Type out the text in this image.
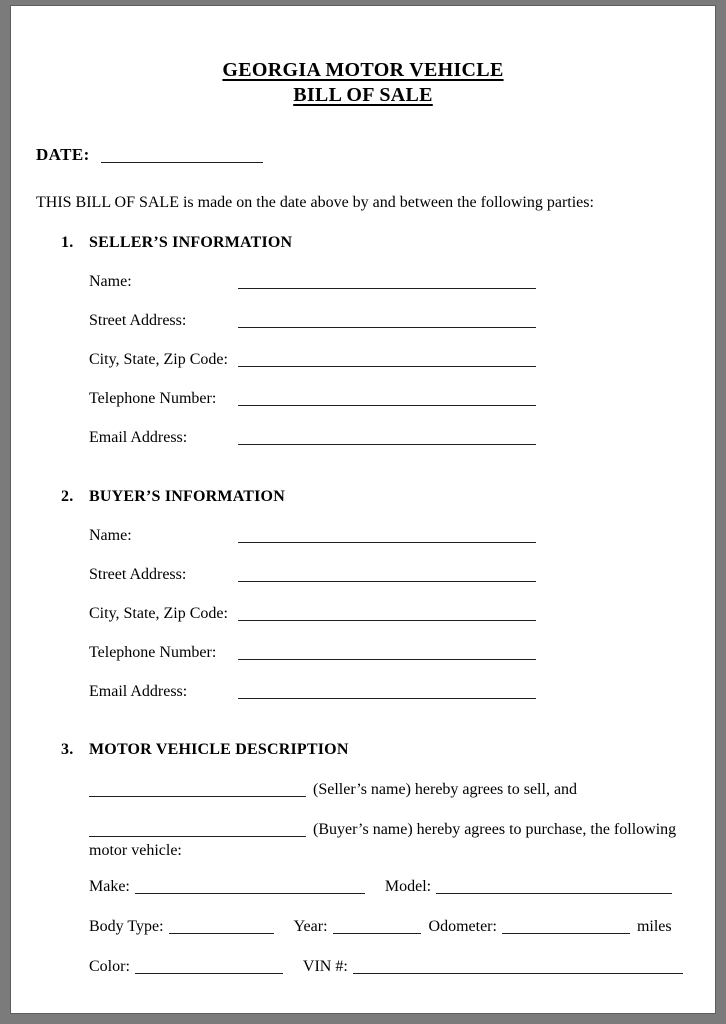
GEORGIA MOTOR VEHICLE
BILL OF SALE
DATE:

THIS BILL OF SALE is made on the date above by and between the following parties:

1. SELLER’S INFORMATION
Name:
Street Address:
City, State, Zip Code:
Telephone Number:
Email Address:
2. BUYER’S INFORMATION
Name:
Street Address:
City, State, Zip Code:
Telephone Number:
Email Address:
3. MOTOR VEHICLE DESCRIPTION
(Seller’s name) hereby agrees to sell, and
(Buyer’s name) hereby agrees to purchase, the following
motor vehicle:
Make:	Model:
Body Type:	Year:	Odometer:	miles
Color:	VIN #:
